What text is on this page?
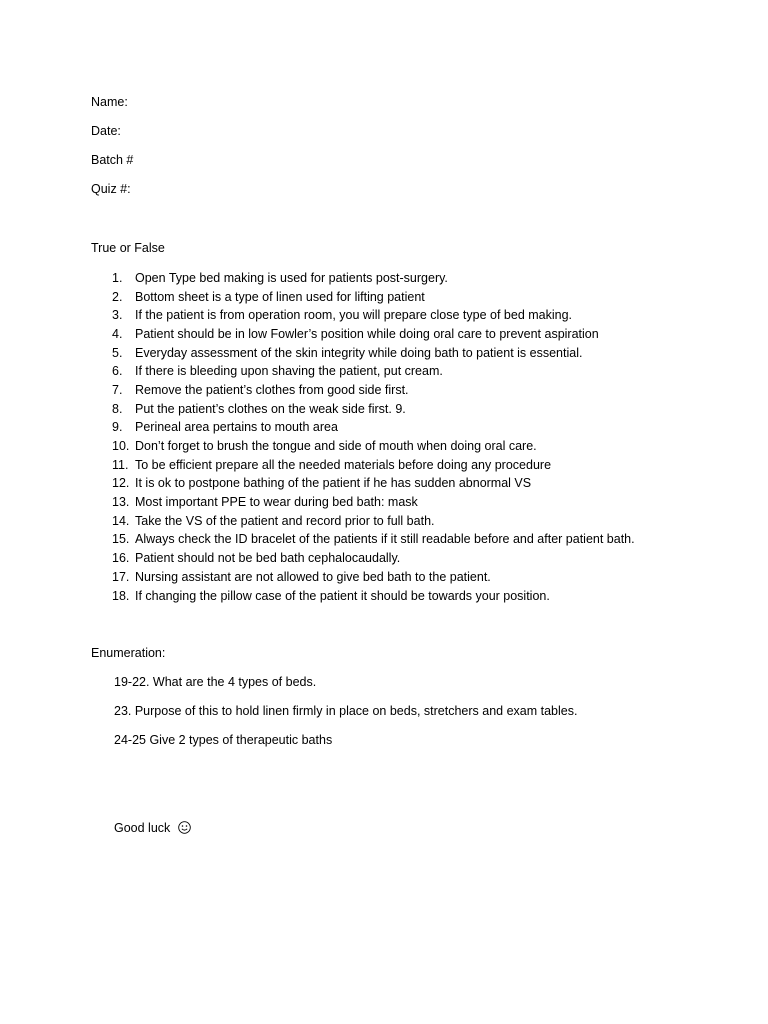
Name:
Date:
Batch #
Quiz #:
True or False
1.	Open Type bed making is used for patients post-surgery.
2.	Bottom sheet is a type of linen used for lifting patient
3.	If the patient is from operation room, you will prepare close type of bed making.
4.	Patient should be in low Fowler’s position while doing oral care to prevent aspiration
5.	Everyday assessment of the skin integrity while doing bath to patient is essential.
6.	If there is bleeding upon shaving the patient, put cream.
7.	Remove the patient’s clothes from good side first.
8.	Put the patient’s clothes on the weak side first. 9.
9.	Perineal area pertains to mouth area
10. Don’t forget to brush the tongue and side of mouth when doing oral care.
11. To be efficient prepare all the needed materials before doing any procedure
12. It is ok to postpone bathing of the patient if he has sudden abnormal VS
13. Most important PPE to wear during bed bath: mask
14. Take the VS of the patient and record prior to full bath.
15. Always check the ID bracelet of the patients if it still readable before and after patient bath.
16. Patient should not be bed bath cephalocaudally.
17. Nursing assistant are not allowed to give bed bath to the patient.
18. If changing the pillow case of the patient it should be towards your position.
Enumeration:
19-22. What are the 4 types of beds.
23. Purpose of this to hold linen firmly in place on beds, stretchers and exam tables.
24-25 Give 2 types of therapeutic baths
Good luck
